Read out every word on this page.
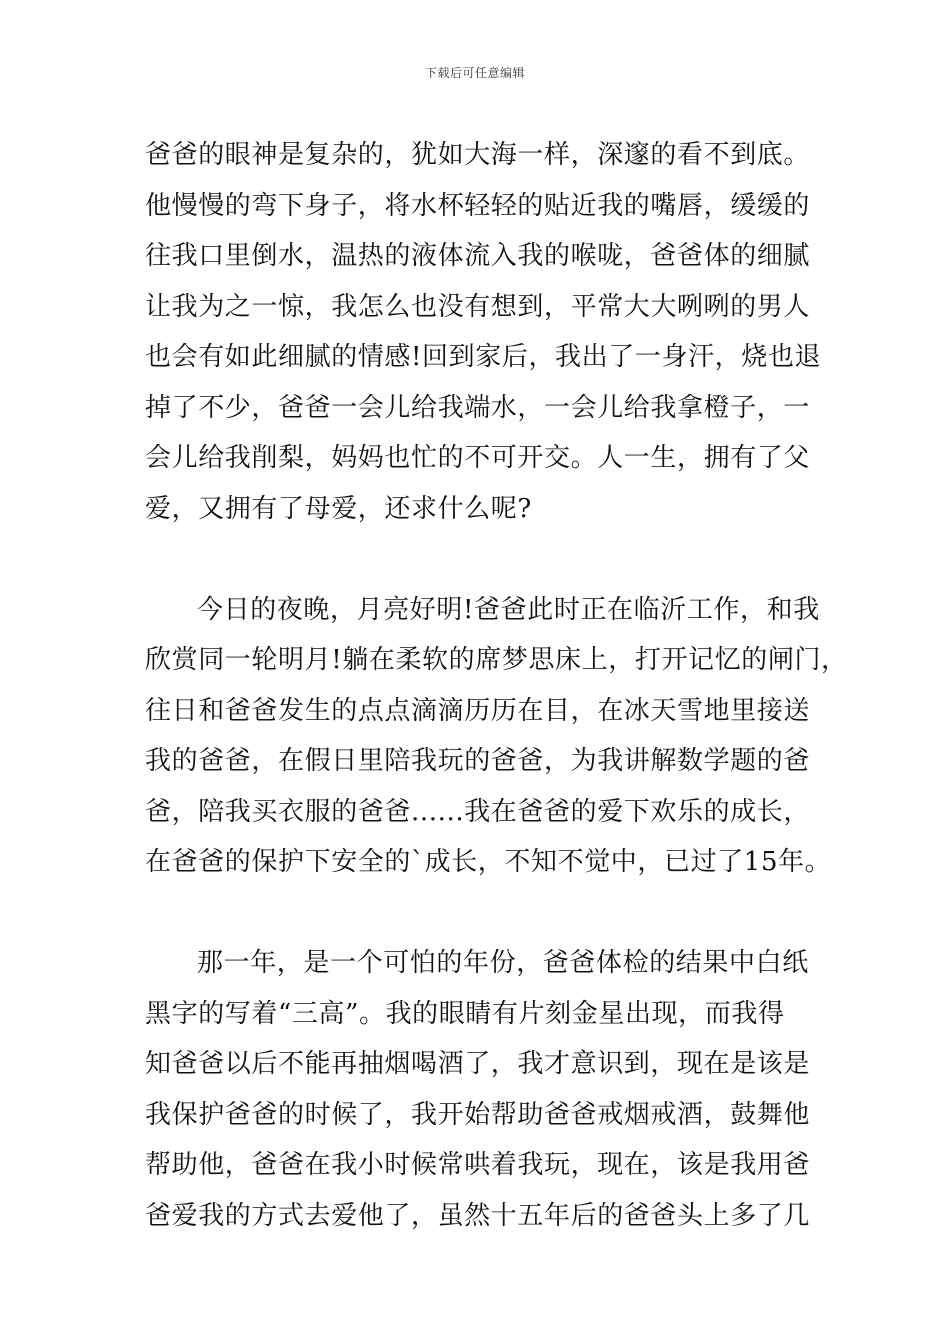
下载后可任意编辑
爸爸的眼神是复杂的，犹如大海一样，深邃的看不到底。
他慢慢的弯下身子，将水杯轻轻的贴近我的嘴唇，缓缓的
往我口里倒水，温热的液体流入我的喉咙，爸爸体的细腻
让我为之一惊，我怎么也没有想到，平常大大咧咧的男人
也会有如此细腻的情感!回到家后，我出了一身汗，烧也退
掉了不少，爸爸一会儿给我端水，一会儿给我拿橙子，一
会儿给我削梨，妈妈也忙的不可开交。人一生，拥有了父
爱，又拥有了母爱，还求什么呢?
今日的夜晚，月亮好明!爸爸此时正在临沂工作，和我
欣赏同一轮明月!躺在柔软的席梦思床上，打开记忆的闸门，
往日和爸爸发生的点点滴滴历历在目，在冰天雪地里接送
我的爸爸，在假日里陪我玩的爸爸，为我讲解数学题的爸
爸，陪我买衣服的爸爸......我在爸爸的爱下欢乐的成长，
在爸爸的保护下安全的`成长，不知不觉中，已过了15年。
那一年，是一个可怕的年份，爸爸体检的结果中白纸
黑字的写着“三高”。我的眼睛有片刻金星出现，而我得
知爸爸以后不能再抽烟喝酒了，我才意识到，现在是该是
我保护爸爸的时候了，我开始帮助爸爸戒烟戒酒，鼓舞他
帮助他，爸爸在我小时候常哄着我玩，现在，该是我用爸
爸爱我的方式去爱他了，虽然十五年后的爸爸头上多了几
